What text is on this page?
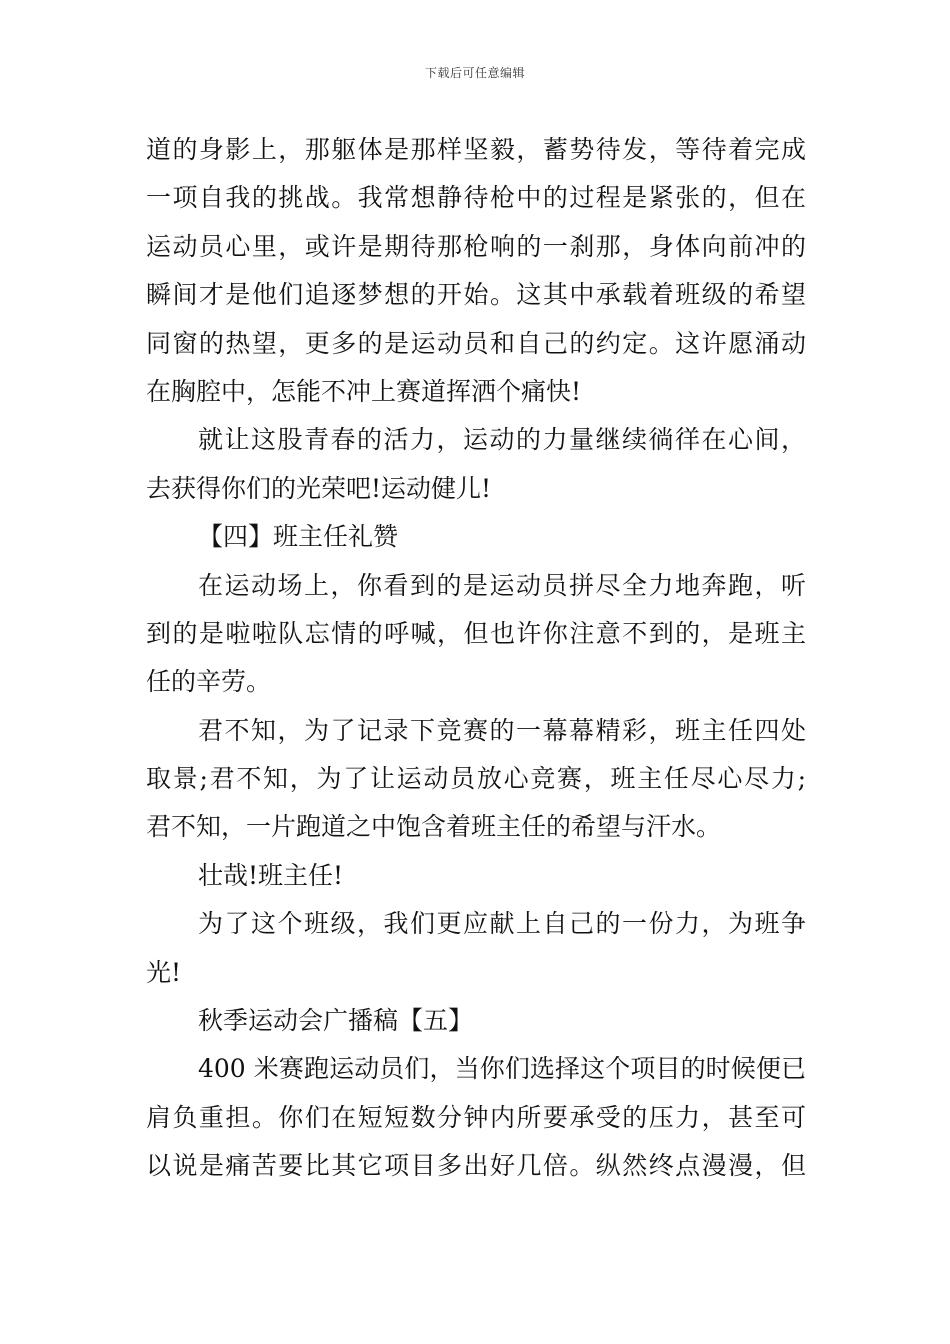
下载后可任意编辑
道的身影上，那躯体是那样坚毅，蓄势待发，等待着完成
一项自我的挑战。我常想静待枪中的过程是紧张的，但在
运动员心里，或许是期待那枪响的一刹那，身体向前冲的
瞬间才是他们追逐梦想的开始。这其中承载着班级的希望
同窗的热望，更多的是运动员和自己的约定。这许愿涌动
在胸腔中，怎能不冲上赛道挥洒个痛快!
就让这股青春的活力，运动的力量继续徜徉在心间，
去获得你们的光荣吧!运动健儿!
【四】班主任礼赞
在运动场上，你看到的是运动员拼尽全力地奔跑，听
到的是啦啦队忘情的呼喊，但也许你注意不到的，是班主
任的辛劳。
君不知，为了记录下竞赛的一幕幕精彩，班主任四处
取景;君不知，为了让运动员放心竞赛，班主任尽心尽力;
君不知，一片跑道之中饱含着班主任的希望与汗水。
壮哉!班主任!
为了这个班级，我们更应献上自己的一份力，为班争
光!
秋季运动会广播稿【五】
400 米赛跑运动员们，当你们选择这个项目的时候便已
肩负重担。你们在短短数分钟内所要承受的压力，甚至可
以说是痛苦要比其它项目多出好几倍。纵然终点漫漫，但
